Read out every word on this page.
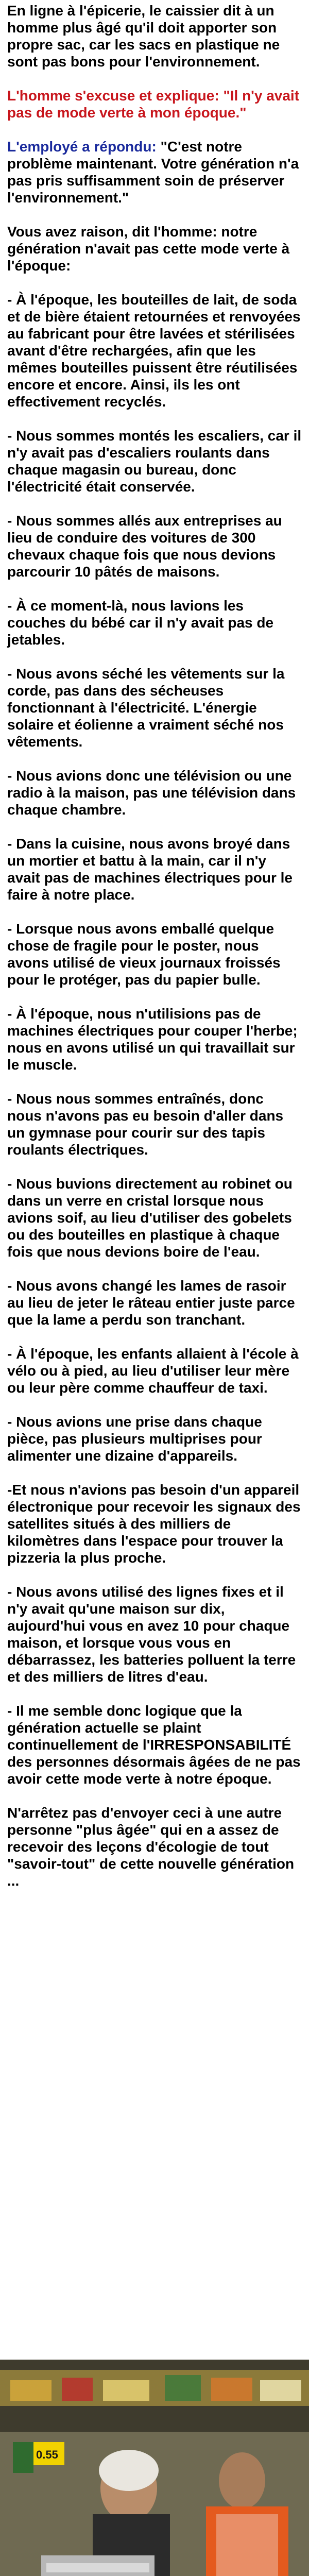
En ligne à l'épicerie, le caissier dit à un homme plus âgé qu'il doit apporter son propre sac, car les sacs en plastique ne sont pas bons pour l'environnement.

L'homme s'excuse et explique: "Il n'y avait pas de mode verte à mon époque."

L'employé a répondu: "C'est notre problème maintenant. Votre génération n'a pas pris suffisamment soin de préserver l'environnement."

Vous avez raison, dit l'homme: notre génération n'avait pas cette mode verte à l'époque:

- À l'époque, les bouteilles de lait, de soda et de bière étaient retournées et renvoyées au fabricant pour être lavées et stérilisées avant d'être rechargées, afin que les mêmes bouteilles puissent être réutilisées encore et encore. Ainsi, ils les ont effectivement recyclés.

- Nous sommes montés les escaliers, car il n'y avait pas d'escaliers roulants dans chaque magasin ou bureau, donc l'électricité était conservée.

- Nous sommes allés aux entreprises au lieu de conduire des voitures de 300 chevaux chaque fois que nous devions parcourir 10 pâtés de maisons.

- À ce moment-là, nous lavions les couches du bébé car il n'y avait pas de jetables.

- Nous avons séché les vêtements sur la corde, pas dans des sécheuses fonctionnant à l'électricité. L'énergie solaire et éolienne a vraiment séché nos vêtements.

- Nous avions donc une télévision ou une radio à la maison, pas une télévision dans chaque chambre.

- Dans la cuisine, nous avons broyé dans un mortier et battu à la main, car il n'y avait pas de machines électriques pour le faire à notre place.

- Lorsque nous avons emballé quelque chose de fragile pour le poster, nous avons utilisé de vieux journaux froissés pour le protéger, pas du papier bulle.

- À l'époque, nous n'utilisions pas de machines électriques pour couper l'herbe; nous en avons utilisé un qui travaillait sur le muscle.

- Nous nous sommes entraînés, donc nous n'avons pas eu besoin d'aller dans un gymnase pour courir sur des tapis roulants électriques.

- Nous buvions directement au robinet ou dans un verre en cristal lorsque nous avions soif, au lieu d'utiliser des gobelets ou des bouteilles en plastique à chaque fois que nous devions boire de l'eau.

- Nous avons changé les lames de rasoir au lieu de jeter le râteau entier juste parce que la lame a perdu son tranchant.

- À l'époque, les enfants allaient à l'école à vélo ou à pied, au lieu d'utiliser leur mère ou leur père comme chauffeur de taxi.

- Nous avions une prise dans chaque pièce, pas plusieurs multiprises pour alimenter une dizaine d'appareils.

-Et nous n'avions pas besoin d'un appareil électronique pour recevoir les signaux des satellites situés à des milliers de kilomètres dans l'espace pour trouver la pizzeria la plus proche.

- Nous avons utilisé des lignes fixes et il n'y avait qu'une maison sur dix, aujourd'hui vous en avez 10 pour chaque maison, et lorsque vous vous en débarrassez, les batteries polluent la terre et des milliers de litres d'eau.

- Il me semble donc logique que la génération actuelle se plaint continuellement de l'IRRESPONSABILITÉ des personnes désormais âgées de ne pas avoir cette mode verte à notre époque.

N'arrêtez pas d'envoyer ceci à une autre personne "plus âgée" qui en a assez de recevoir des leçons d'écologie de tout "savoir-tout" de cette nouvelle génération ...

0.55
